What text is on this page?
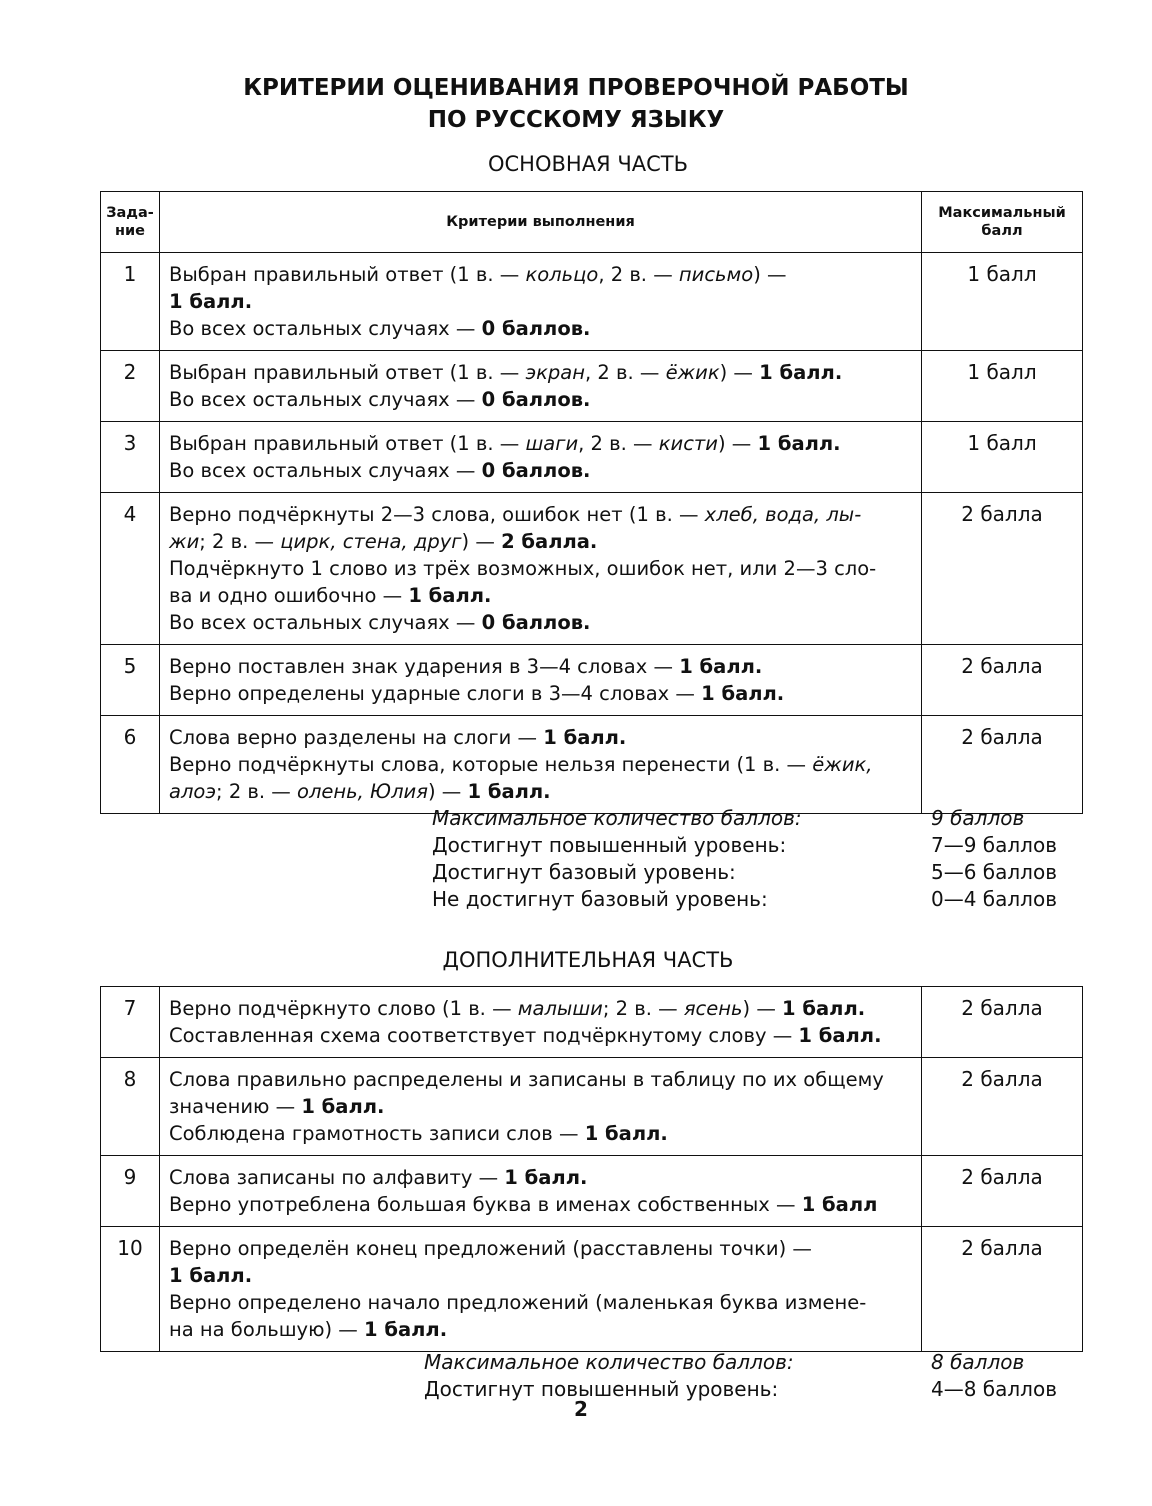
КРИТЕРИИ ОЦЕНИВАНИЯ ПРОВЕРОЧНОЙ РАБОТЫ
ПО РУССКОМУ ЯЗЫКУ
ОСНОВНАЯ ЧАСТЬ
Зада-
ние	Критерии выполнения	Максимальный
балл

1	Выбран правильный ответ (1 в. — кольцо, 2 в. — письмо) —
1 балл.
Во всех остальных случаях — 0 баллов.	1 балл
2	Выбран правильный ответ (1 в. — экран, 2 в. — ёжик) — 1 балл.
Во всех остальных случаях — 0 баллов.	1 балл
3	Выбран правильный ответ (1 в. — шаги, 2 в. — кисти) — 1 балл.
Во всех остальных случаях — 0 баллов.	1 балл
4	Верно подчёркнуты 2—3 слова, ошибок нет (1 в. — хлеб, вода, лы-
жи; 2 в. — цирк, стена, друг) — 2 балла.
Подчёркнуто 1 слово из трёх возможных, ошибок нет, или 2—3 сло-
ва и одно ошибочно — 1 балл.
Во всех остальных случаях — 0 баллов.	2 балла
5	Верно поставлен знак ударения в 3—4 словах — 1 балл.
Верно определены ударные слоги в 3—4 словах — 1 балл.	2 балла
6	Слова верно разделены на слоги — 1 балл.
Верно подчёркнуты слова, которые нельзя перенести (1 в. — ёжик,
алоэ; 2 в. — олень, Юлия) — 1 балл.	2 балла
Максимальное количество баллов:	9 баллов
Достигнут повышенный уровень:	7—9 баллов
Достигнут базовый уровень:	5—6 баллов
Не достигнут базовый уровень:	0—4 баллов
ДОПОЛНИТЕЛЬНАЯ ЧАСТЬ
7	Верно подчёркнуто слово (1 в. — малыши; 2 в. — ясень) — 1 балл.
Составленная схема соответствует подчёркнутому слову — 1 балл.	2 балла
8	Слова правильно распределены и записаны в таблицу по их общему
значению — 1 балл.
Соблюдена грамотность записи слов — 1 балл.	2 балла
9	Слова записаны по алфавиту — 1 балл.
Верно употреблена большая буква в именах собственных — 1 балл	2 балла
10	Верно определён конец предложений (расставлены точки) —
1 балл.
Верно определено начало предложений (маленькая буква измене-
на на большую) — 1 балл.	2 балла
Максимальное количество баллов:	8 баллов
Достигнут повышенный уровень:	4—8 баллов
2
